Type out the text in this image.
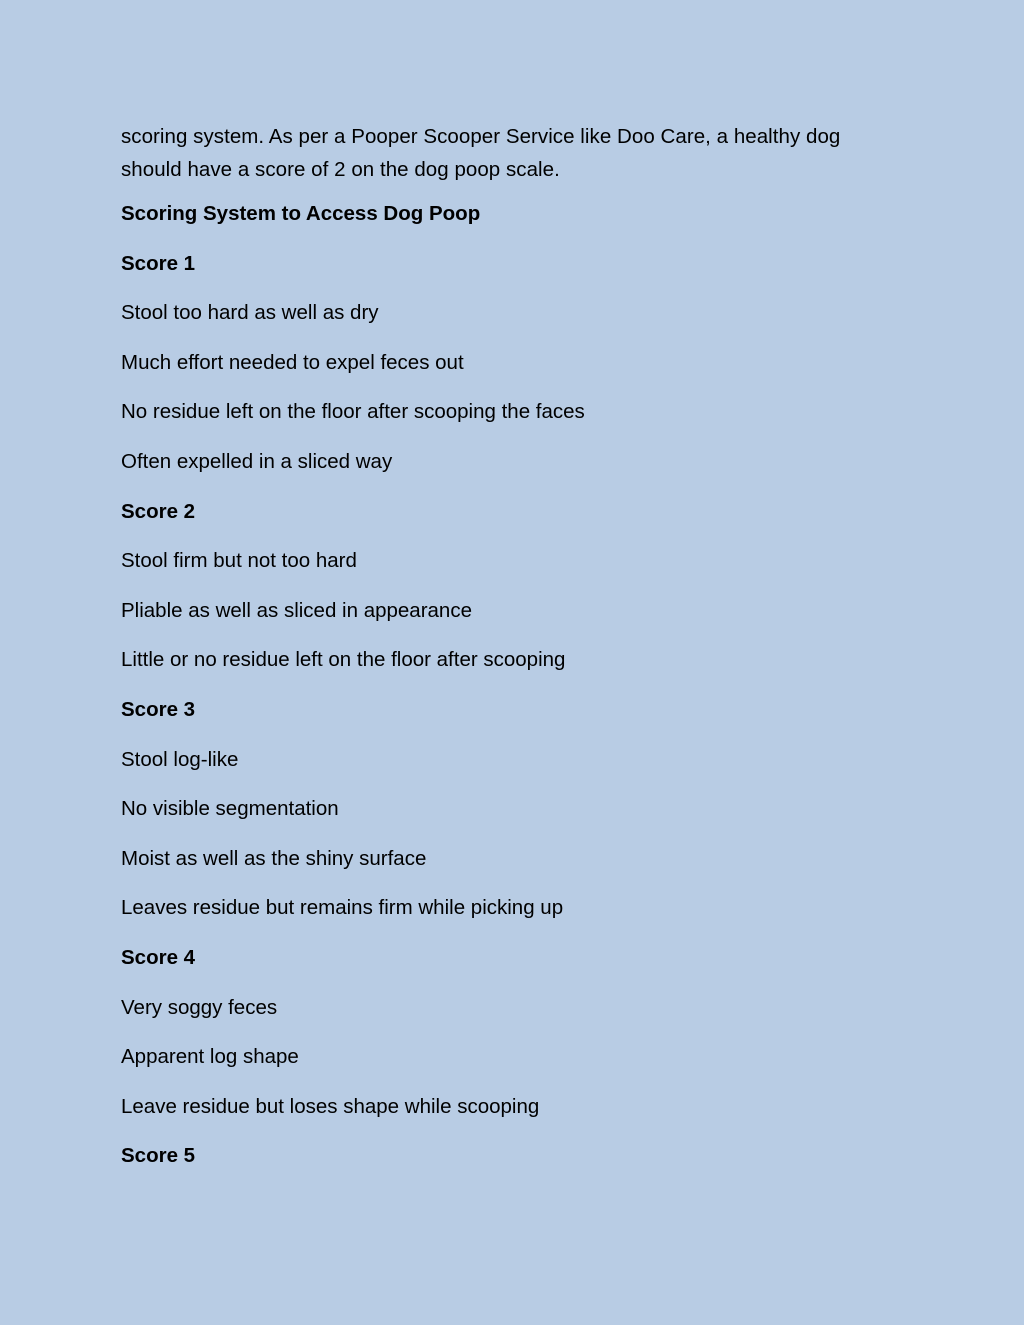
scoring system. As per a Pooper Scooper Service like Doo Care, a healthy dog should have a score of 2 on the dog poop scale.

Scoring System to Access Dog Poop

Score 1

Stool too hard as well as dry

Much effort needed to expel feces out

No residue left on the floor after scooping the faces

Often expelled in a sliced way

Score 2

Stool firm but not too hard

Pliable as well as sliced in appearance

Little or no residue left on the floor after scooping

Score 3

Stool log-like

No visible segmentation

Moist as well as the shiny surface

Leaves residue but remains firm while picking up

Score 4

Very soggy feces

Apparent log shape

Leave residue but loses shape while scooping

Score 5
